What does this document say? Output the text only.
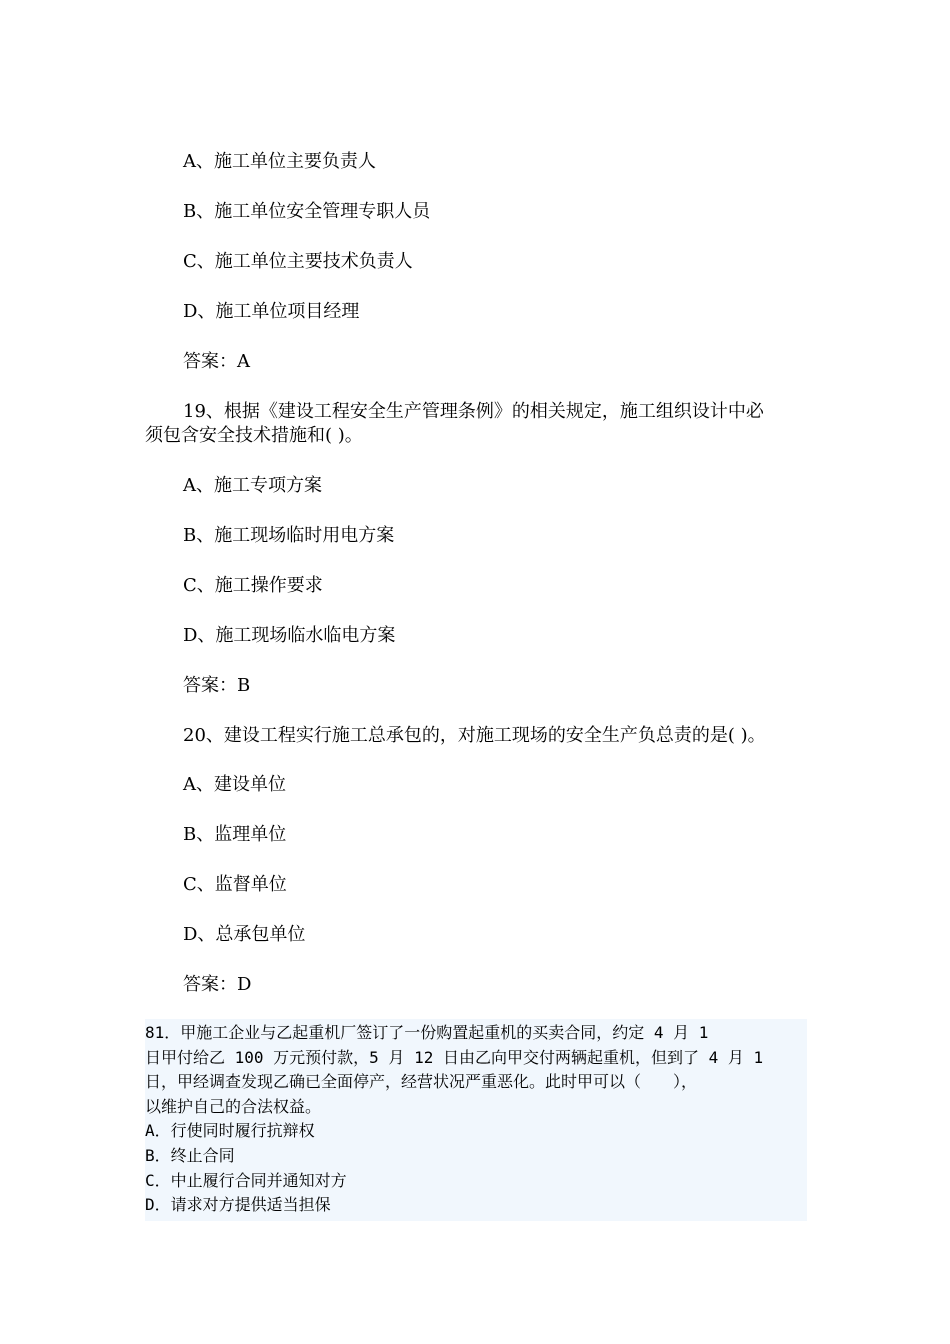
A、施工单位主要负责人
B、施工单位安全管理专职人员
C、施工单位主要技术负责人
D、施工单位项目经理
答案：A
19、根据《建设工程安全生产管理条例》的相关规定，施工组织设计中必
须包含安全技术措施和( )。
A、施工专项方案
B、施工现场临时用电方案
C、施工操作要求
D、施工现场临水临电方案
答案：B
20、建设工程实行施工总承包的，对施工现场的安全生产负总责的是( )。
A、建设单位
B、监理单位
C、监督单位
D、总承包单位
答案：D
81．甲施工企业与乙起重机厂签订了一份购置起重机的买卖合同，约定 4 月 1
日甲付给乙 100 万元预付款，5 月 12 日由乙向甲交付两辆起重机，但到了 4 月 1
日，甲经调查发现乙确已全面停产，经营状况严重恶化。此时甲可以（　　），
以维护自己的合法权益。
A．行使同时履行抗辩权
B．终止合同
C．中止履行合同并通知对方
D．请求对方提供适当担保
